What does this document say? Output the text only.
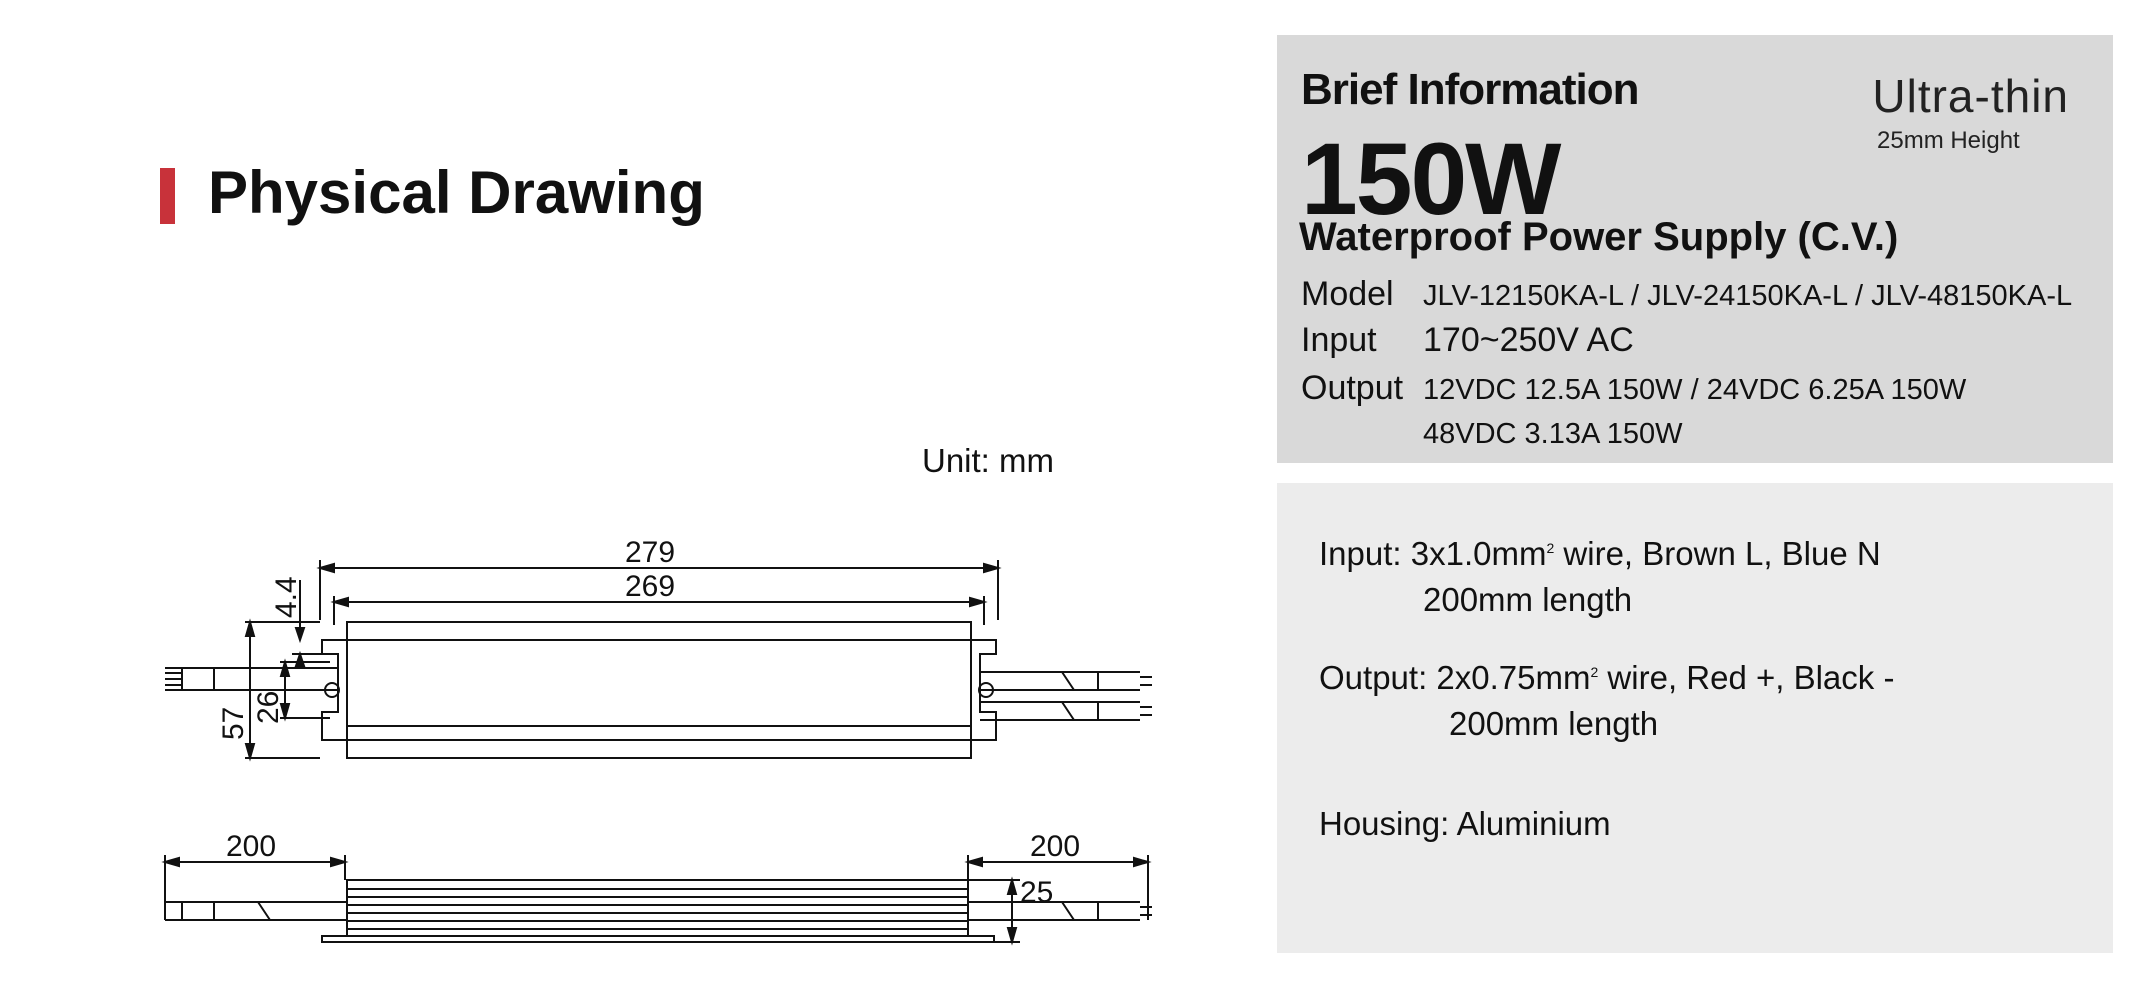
Physical Drawing
Unit: mm
279
269
4.4
57 26
200	200
25
Brief Information	Ultra-thin
25mm Height
150W
Waterproof Power Supply (C.V.)
Model JLV-12150KA-L / JLV-24150KA-L / JLV-48150KA-L
Input 170~250V AC
Output 12VDC 12.5A 150W / 24VDC 6.25A 150W
48VDC 3.13A 150W
Input: $3x1.0mm^2$ wire, Brown L, Blue N
200mm length
Output: $2x0.75mm^2$ wire, Red +, Black -
200mm length
Housing: Aluminium
